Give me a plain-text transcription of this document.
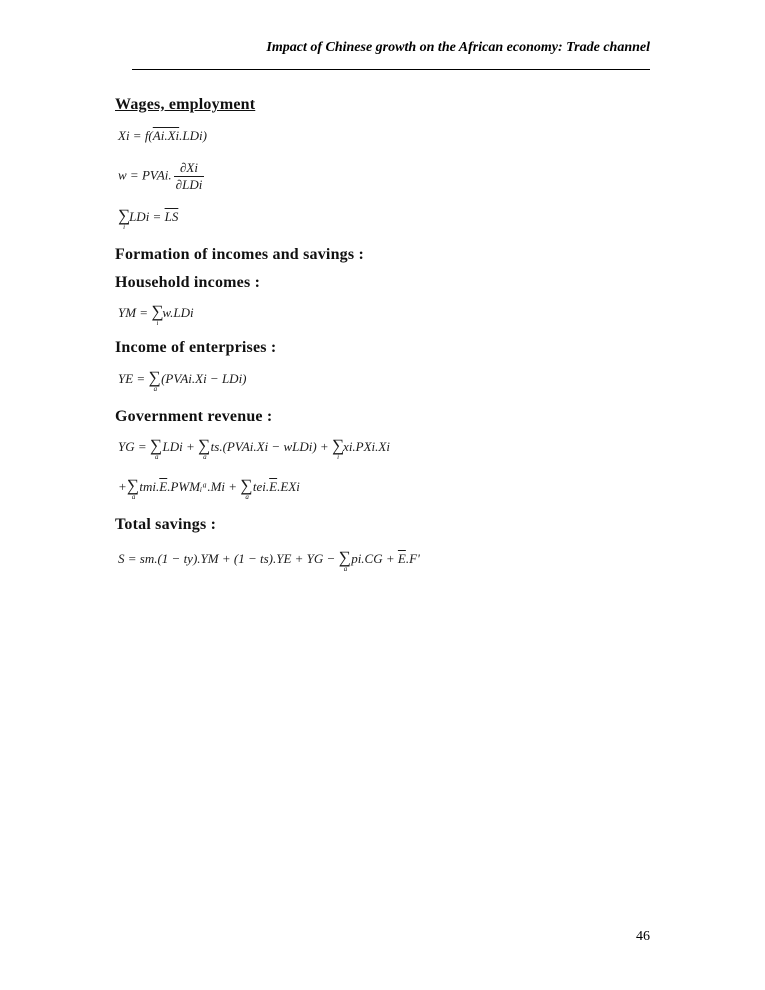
Impact of Chinese growth on the African economy: Trade channel
Wages, employment
Xi = f(Ai.Xi.LDi)
w = PVAi. $\frac{\partial Xi}{\text{∂LDi}}$
$\sum_iLDi = \overline{LS}$
Formation of incomes and savings :
Household incomes :
YM = $\sum_iw.LDi$
Income of enterprises :
YE = $\sum_a(PVAi.Xi - LDi)$
Government revenue :
YG = $\sum_aLDi$ + $\sum_ats.(PVAi.Xi$ − wLDi) + $\sum_ixi.PXi.Xi$
$+\sum_atmi.\overline{E}.PWMᵢᵃ.Mi + \sum_atei.\overline{E}.EXi$
Total savings :
S = sm.(1 − ty).YM + (1 − ts).YE + YG − $\sum_api.CG + \overline{E}.F'$
46
